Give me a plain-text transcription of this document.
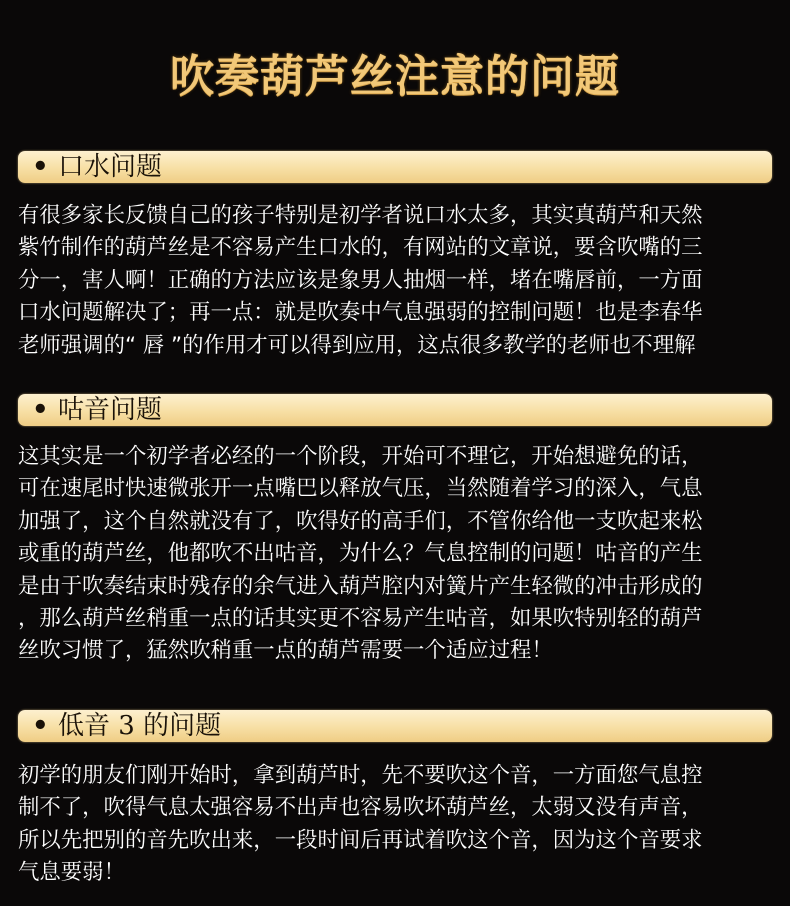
吹奏葫芦丝注意的问题
• 口水问题
有很多家长反馈自己的孩子特别是初学者说口水太多，其实真葫芦和天然
紫竹制作的葫芦丝是不容易产生口水的，有网站的文章说，要含吹嘴的三
分一，害人啊！正确的方法应该是象男人抽烟一样，堵在嘴唇前，一方面
口水问题解决了；再一点：就是吹奏中气息强弱的控制问题！也是李春华
老师强调的“ 唇 ”的作用才可以得到应用，这点很多教学的老师也不理解
• 咕音问题
这其实是一个初学者必经的一个阶段，开始可不理它，开始想避免的话，
可在速尾时快速微张开一点嘴巴以释放气压，当然随着学习的深入，气息
加强了，这个自然就没有了，吹得好的高手们，不管你给他一支吹起来松
或重的葫芦丝，他都吹不出咕音，为什么？气息控制的问题！咕音的产生
是由于吹奏结束时残存的余气进入葫芦腔内对簧片产生轻微的冲击形成的
，那么葫芦丝稍重一点的话其实更不容易产生咕音，如果吹特别轻的葫芦
丝吹习惯了，猛然吹稍重一点的葫芦需要一个适应过程！
• 低音 3 的问题
初学的朋友们刚开始时，拿到葫芦时，先不要吹这个音，一方面您气息控
制不了，吹得气息太强容易不出声也容易吹坏葫芦丝，太弱又没有声音，
所以先把别的音先吹出来，一段时间后再试着吹这个音，因为这个音要求
气息要弱！
